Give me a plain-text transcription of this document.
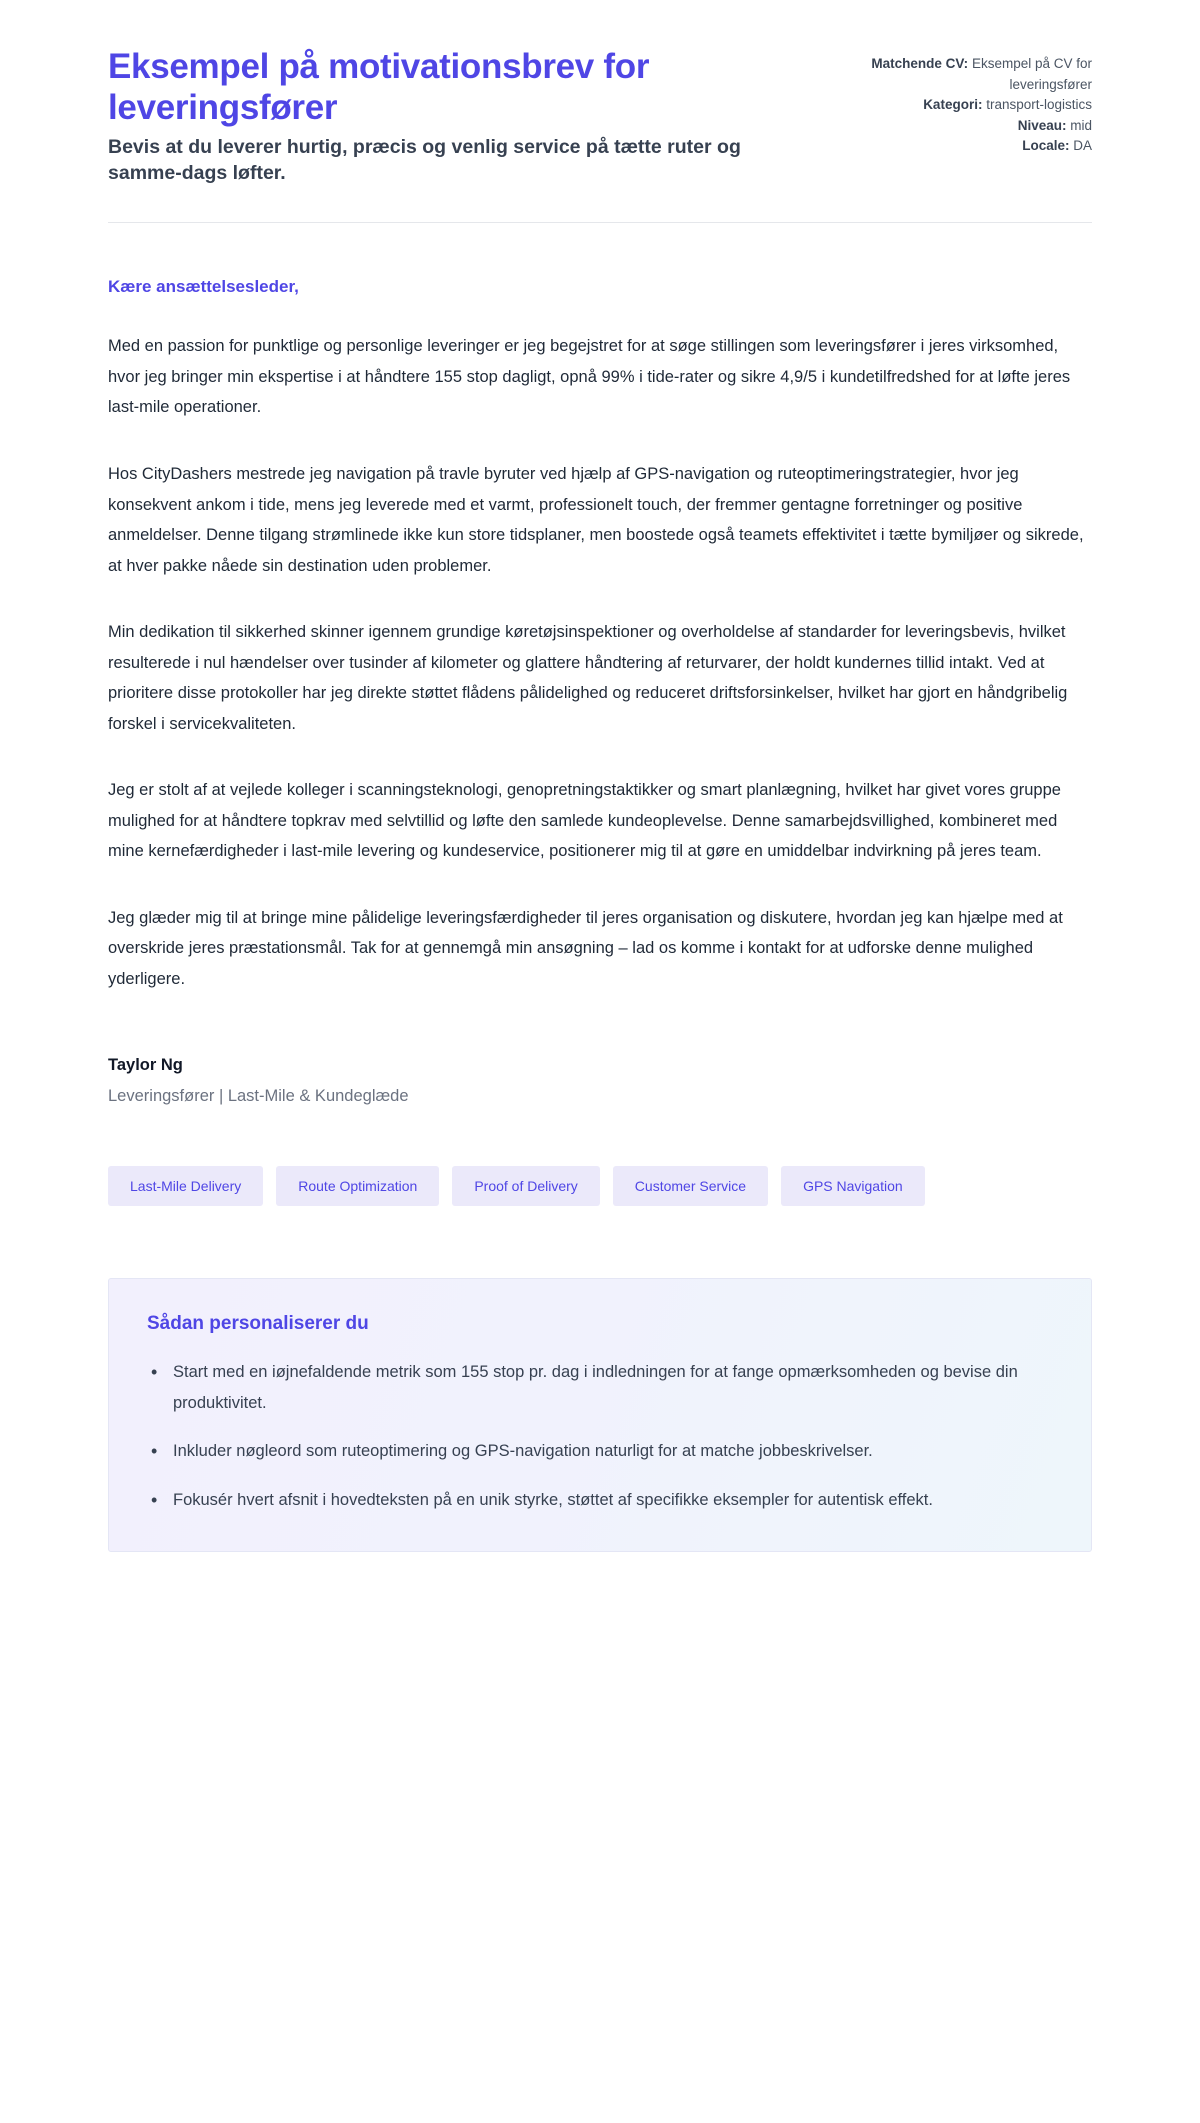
Eksempel på motivationsbrev for leveringsfører

Bevis at du leverer hurtig, præcis og venlig service på tætte ruter og samme-dags løfter.

Matchende CV: Eksempel på CV for leveringsfører
Kategori: transport-logistics
Niveau: mid
Locale: DA

Kære ansættelsesleder,

Med en passion for punktlige og personlige leveringer er jeg begejstret for at søge stillingen som leveringsfører i jeres virksomhed, hvor jeg bringer min ekspertise i at håndtere 155 stop dagligt, opnå 99% i tide-rater og sikre 4,9/5 i kundetilfredshed for at løfte jeres last-mile operationer.

Hos CityDashers mestrede jeg navigation på travle byruter ved hjælp af GPS-navigation og ruteoptimeringstrategier, hvor jeg konsekvent ankom i tide, mens jeg leverede med et varmt, professionelt touch, der fremmer gentagne forretninger og positive anmeldelser. Denne tilgang strømlinede ikke kun store tidsplaner, men boostede også teamets effektivitet i tætte bymiljøer og sikrede, at hver pakke nåede sin destination uden problemer.

Min dedikation til sikkerhed skinner igennem grundige køretøjsinspektioner og overholdelse af standarder for leveringsbevis, hvilket resulterede i nul hændelser over tusinder af kilometer og glattere håndtering af returvarer, der holdt kundernes tillid intakt. Ved at prioritere disse protokoller har jeg direkte støttet flådens pålidelighed og reduceret driftsforsinkelser, hvilket har gjort en håndgribelig forskel i servicekvaliteten.

Jeg er stolt af at vejlede kolleger i scanningsteknologi, genopretningstaktikker og smart planlægning, hvilket har givet vores gruppe mulighed for at håndtere topkrav med selvtillid og løfte den samlede kundeoplevelse. Denne samarbejdsvillighed, kombineret med mine kernefærdigheder i last-mile levering og kundeservice, positionerer mig til at gøre en umiddelbar indvirkning på jeres team.

Jeg glæder mig til at bringe mine pålidelige leveringsfærdigheder til jeres organisation og diskutere, hvordan jeg kan hjælpe med at overskride jeres præstationsmål. Tak for at gennemgå min ansøgning – lad os komme i kontakt for at udforske denne mulighed yderligere.

Taylor Ng

Leveringsfører | Last-Mile & Kundeglæde

Last-Mile Delivery	Route Optimization	Proof of Delivery	Customer Service	GPS Navigation
Sådan personaliserer du
• Start med en iøjnefaldende metrik som 155 stop pr. dag i indledningen for at fange opmærksomheden og bevise din produktivitet.
• Inkluder nøgleord som ruteoptimering og GPS-navigation naturligt for at matche jobbeskrivelser.
• Fokusér hvert afsnit i hovedteksten på en unik styrke, støttet af specifikke eksempler for autentisk effekt.
